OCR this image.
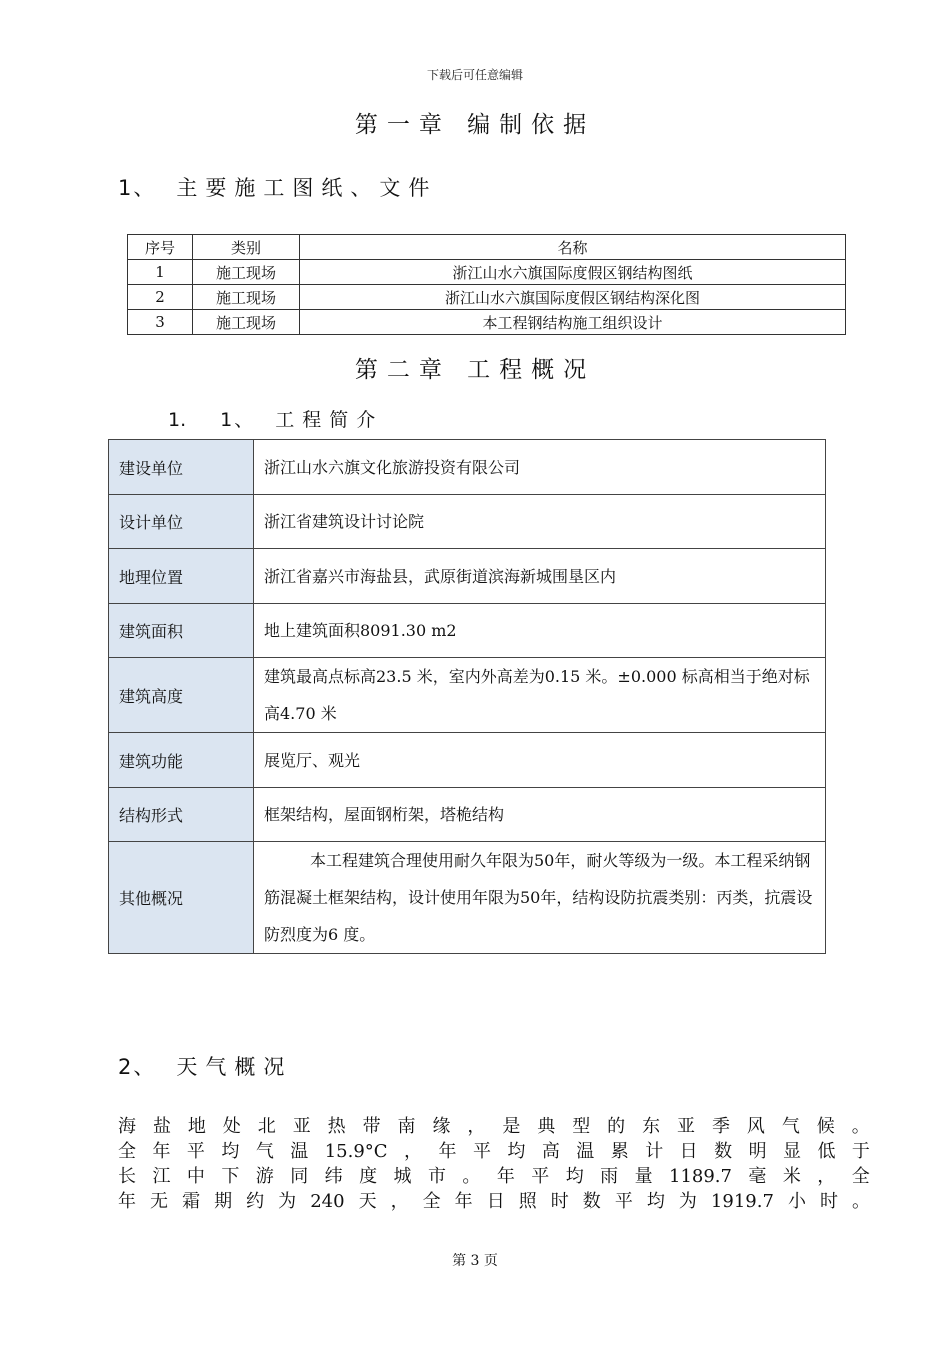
下载后可任意编辑
第一章 编制依据
1、 主要施工图纸、文件
序号	类别	名称
1	施工现场	浙江山水六旗国际度假区钢结构图纸
2	施工现场	浙江山水六旗国际度假区钢结构深化图
3	施工现场	本工程钢结构施工组织设计
第二章 工程概况
1. 1、 工程简介
建设单位	浙江山水六旗文化旅游投资有限公司
设计单位	浙江省建筑设计讨论院
地理位置	浙江省嘉兴市海盐县，武原街道滨海新城围垦区内
建筑面积	地上建筑面积8091.30 m2
建筑高度	建筑最高点标高23.5 米，室内外高差为0.15 米。±0.000 标高相当于绝对标高4.70 米
建筑功能	展览厅、观光
结构形式	框架结构，屋面钢桁架，塔桅结构
其他概况	本工程建筑合理使用耐久年限为50年，耐火等级为一级。本工程采纳钢筋混凝土框架结构，设计使用年限为50年，结构设防抗震类别：丙类，抗震设防烈度为6 度。
2、 天气概况
海 盐 地 处 北 亚 热 带 南 缘 ， 是 典 型 的 东 亚 季 风 气 候 。
全 年 平 均 气 温 15.9°C ， 年 平 均 高 温 累 计 日 数 明 显 低 于
长 江 中 下 游 同 纬 度 城 市 。 年 平 均 雨 量 1189.7 毫 米 ， 全
年 无 霜 期 约 为 240 天 ， 全 年 日 照 时 数 平 均 为 1919.7 小 时 。
第 3 页
